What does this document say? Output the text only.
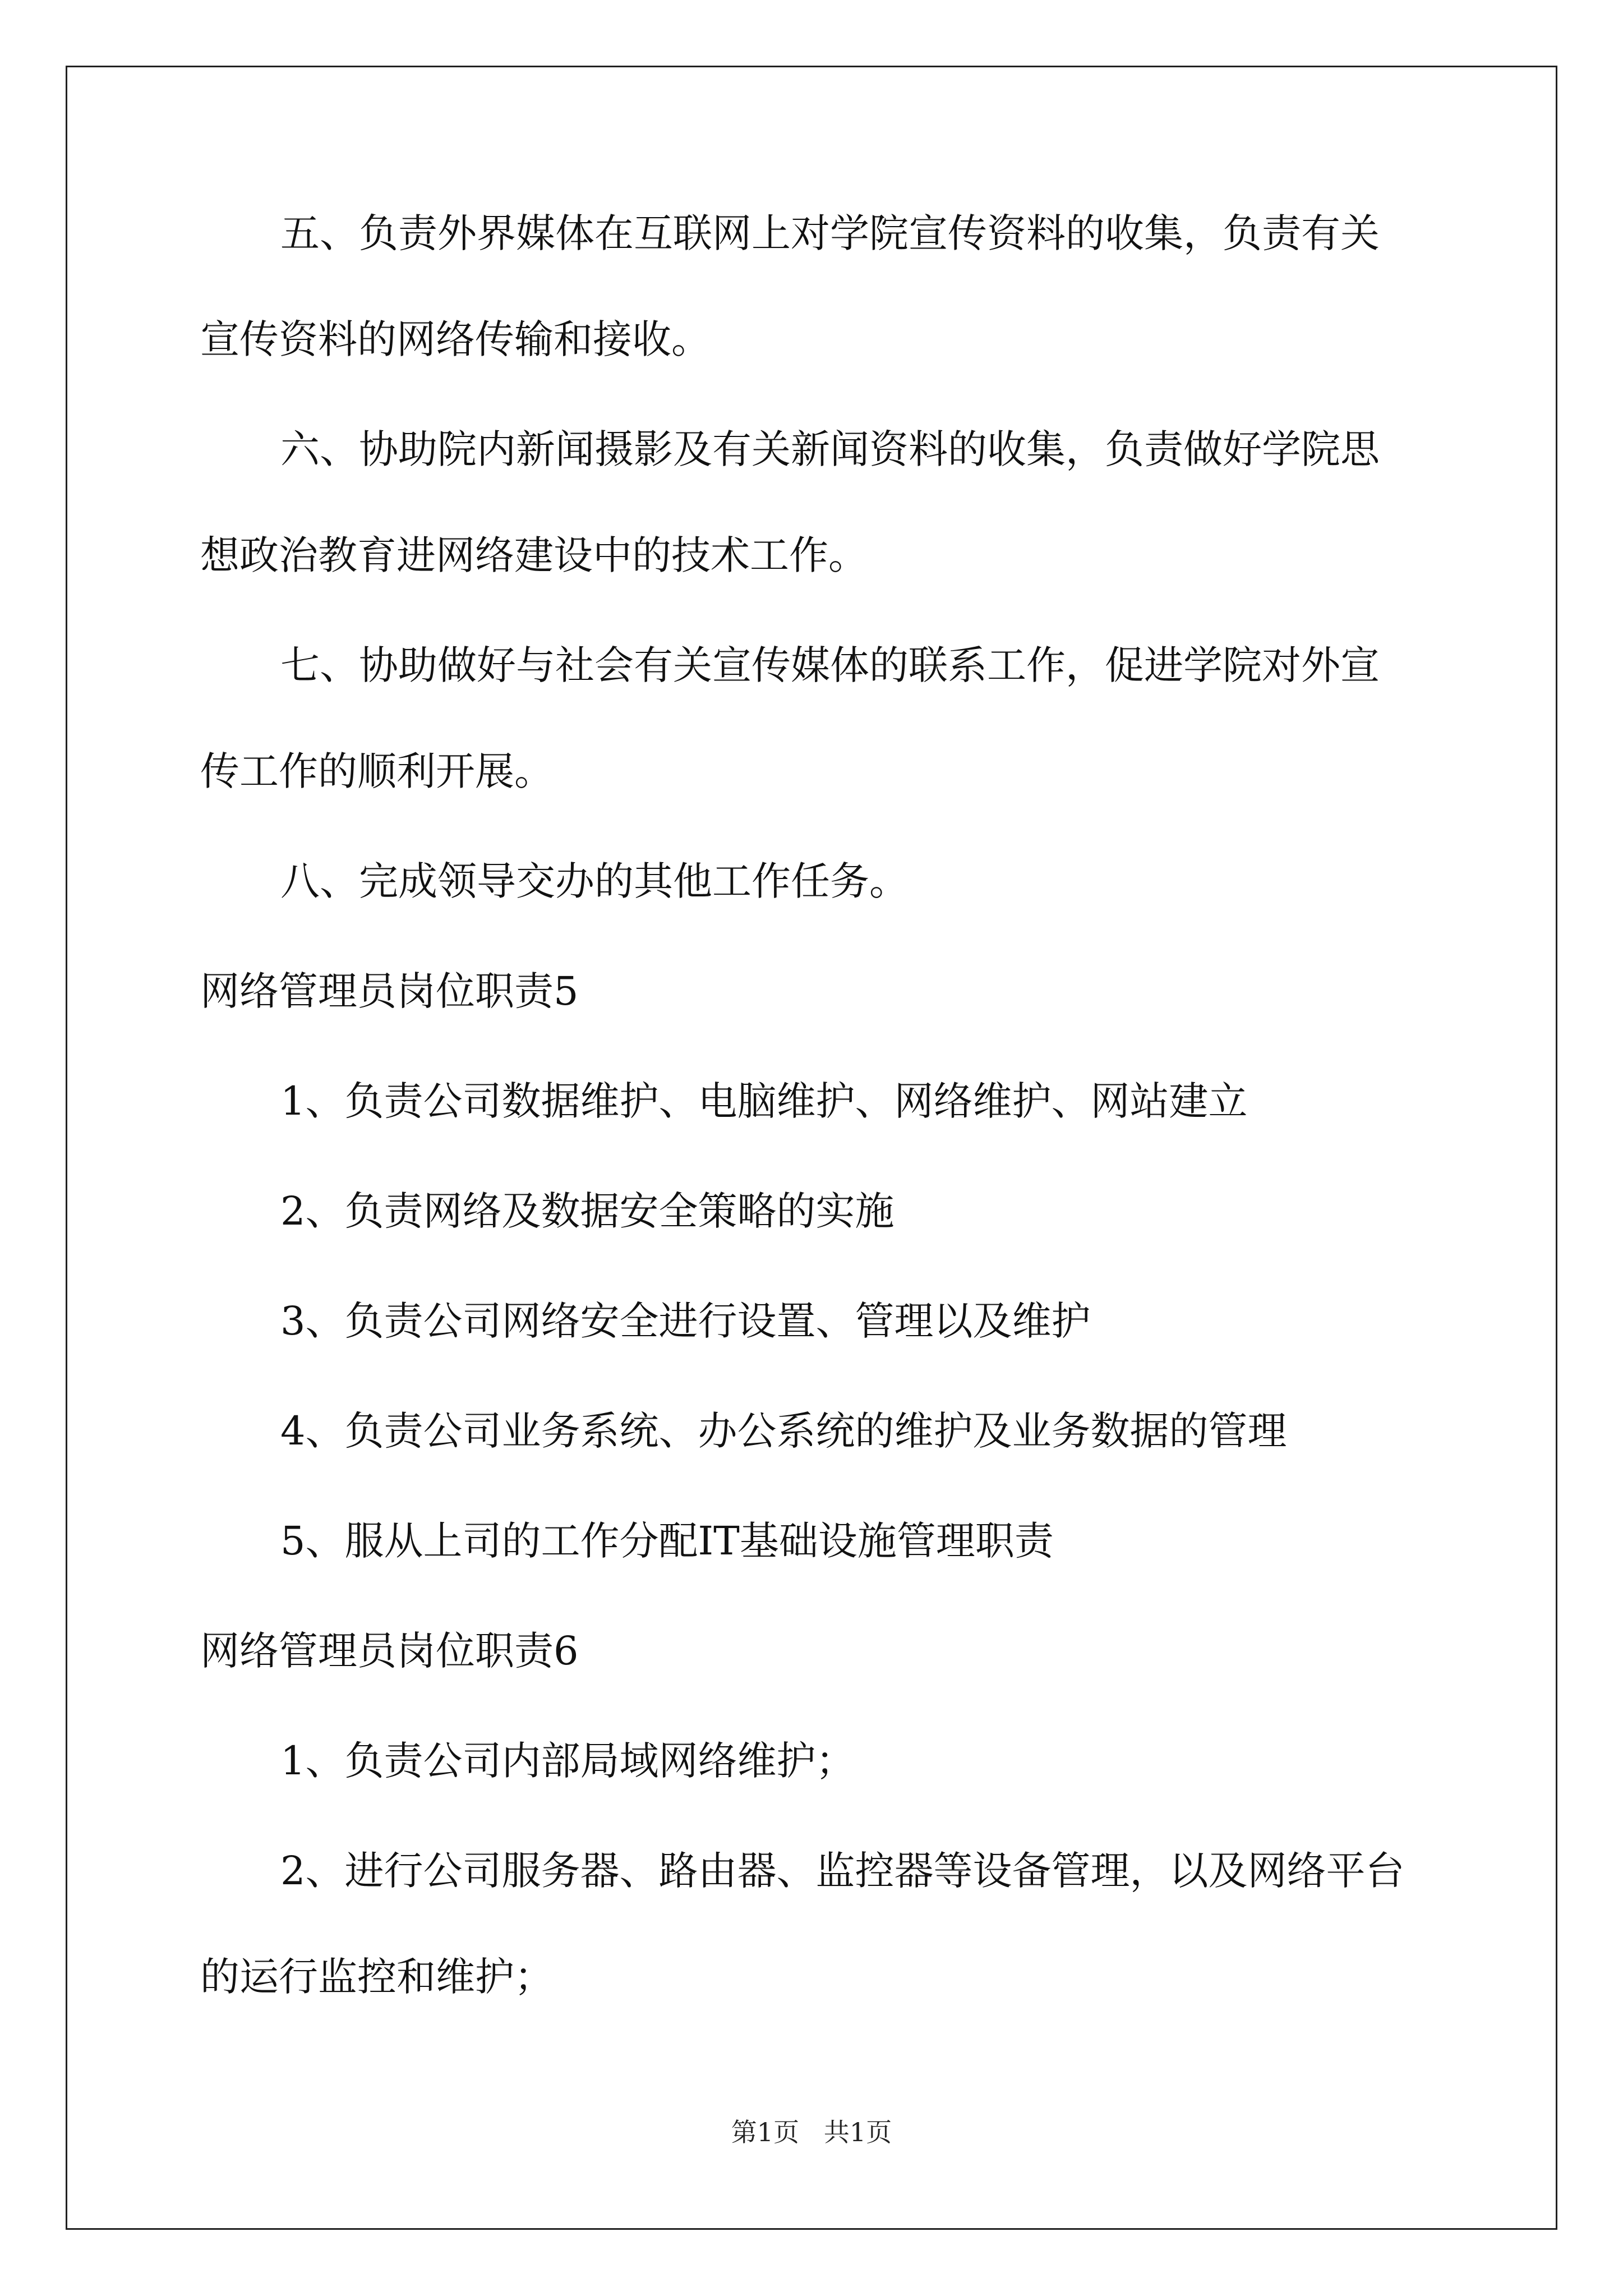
五、负责外界媒体在互联网上对学院宣传资料的收集，负责有关
宣传资料的网络传输和接收。
六、协助院内新闻摄影及有关新闻资料的收集，负责做好学院思
想政治教育进网络建设中的技术工作。
七、协助做好与社会有关宣传媒体的联系工作，促进学院对外宣
传工作的顺利开展。
八、完成领导交办的其他工作任务。
网络管理员岗位职责5
1、负责公司数据维护、电脑维护、网络维护、网站建立
2、负责网络及数据安全策略的实施
3、负责公司网络安全进行设置、管理以及维护
4、负责公司业务系统、办公系统的维护及业务数据的管理
5、服从上司的工作分配IT基础设施管理职责
网络管理员岗位职责6
1、负责公司内部局域网络维护；
2、进行公司服务器、路由器、监控器等设备管理，以及网络平台
的运行监控和维护；
第1页   共1页
